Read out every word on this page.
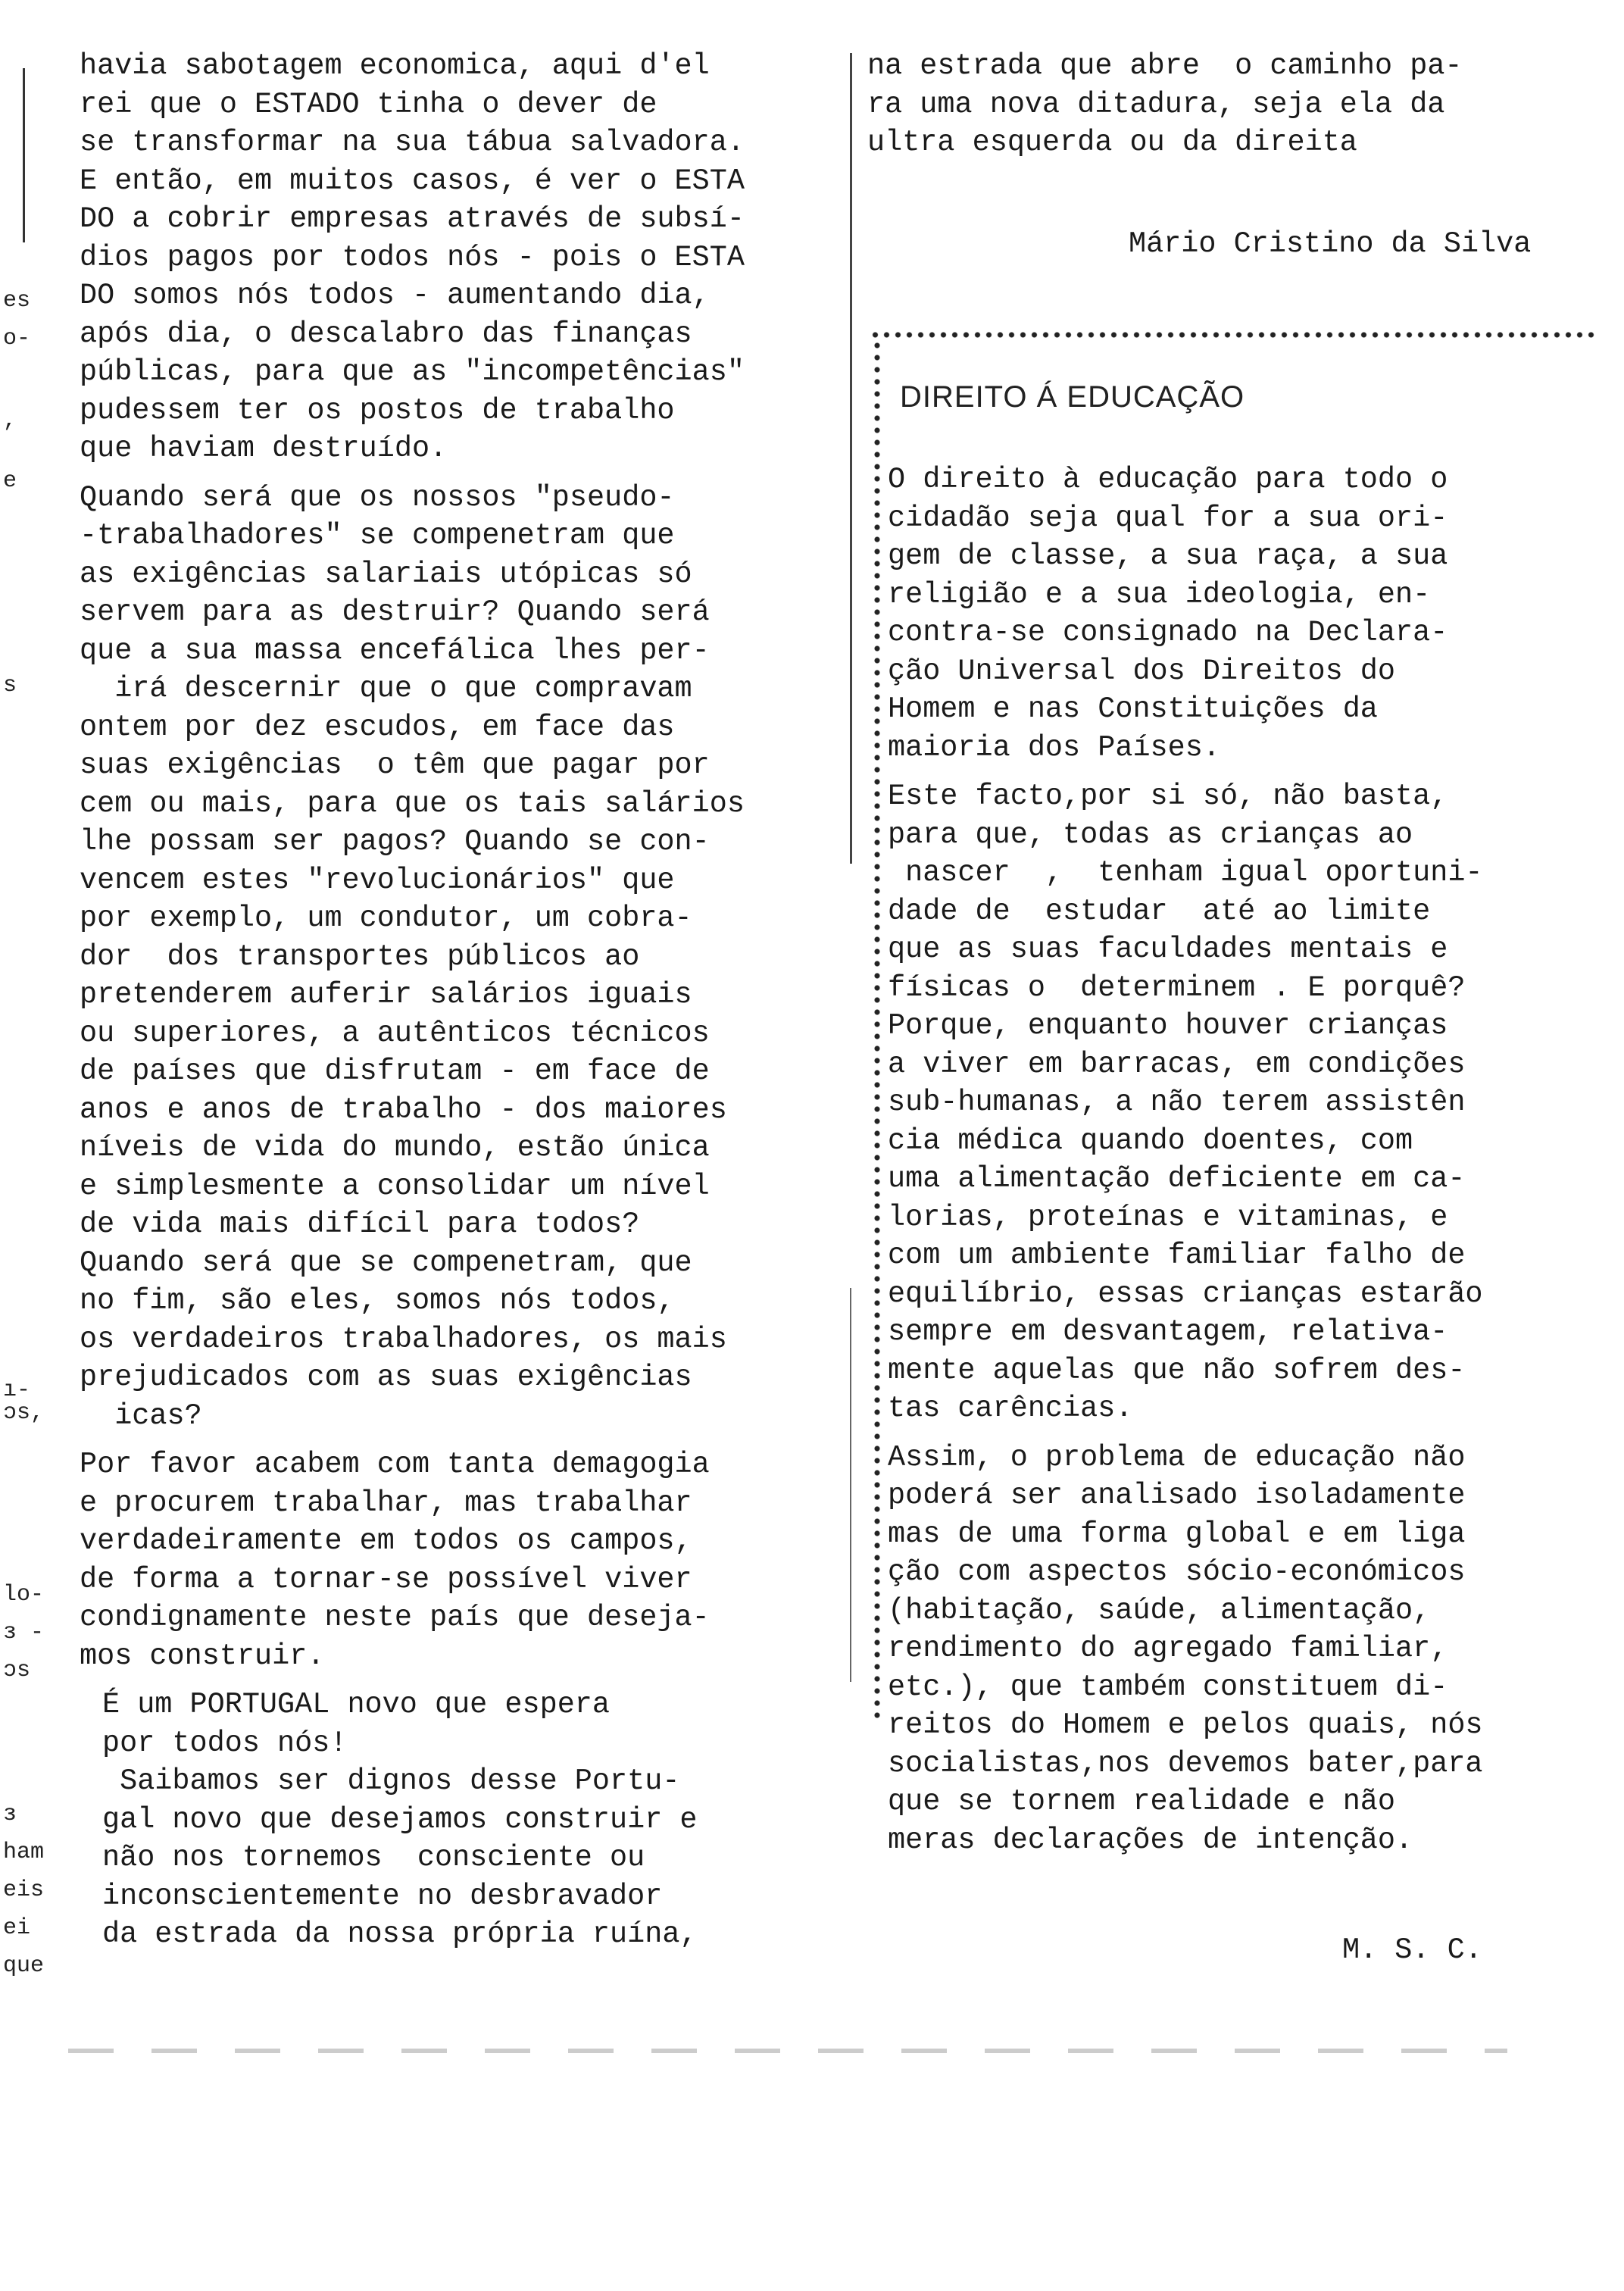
es
o-
,
e
s
ı-
ɔs,
lo-
з -
ɔs
з
ham
eis
ei
que

havia sabotagem economica, aqui d'el
rei que o ESTADO tinha o dever de
se transformar na sua tábua salvadora.
E então, em muitos casos, é ver o ESTA
DO a cobrir empresas através de subsí-
dios pagos por todos nós - pois o ESTA
DO somos nós todos - aumentando dia,
após dia, o descalabro das finanças
públicas, para que as "incompetências"
pudessem ter os postos de trabalho
que haviam destruído.

Quando será que os nossos "pseudo-
-trabalhadores" se compenetram que
as exigências salariais utópicas só
servem para as destruir? Quando será
que a sua massa encefálica lhes per-
irá descernir que o que compravam
ontem por dez escudos, em face das
suas exigências  o têm que pagar por
cem ou mais, para que os tais salários
lhe possam ser pagos? Quando se con-
vencem estes "revolucionários" que
por exemplo, um condutor, um cobra-
dor  dos transportes públicos ao
pretenderem auferir salários iguais
ou superiores, a autênticos técnicos
de países que disfrutam - em face de
anos e anos de trabalho - dos maiores
níveis de vida do mundo, estão única
e simplesmente a consolidar um nível
de vida mais difícil para todos?
Quando será que se compenetram, que
no fim, são eles, somos nós todos,
os verdadeiros trabalhadores, os mais
prejudicados com as suas exigências
icas?

Por favor acabem com tanta demagogia
e procurem trabalhar, mas trabalhar
verdadeiramente em todos os campos,
de forma a tornar-se possível viver
condignamente neste país que deseja-
mos construir.

É um PORTUGAL novo que espera
por todos nós!
Saibamos ser dignos desse Portu-
gal novo que desejamos construir e
não nos tornemos  consciente ou
inconscientemente no desbravador
da estrada da nossa própria ruína,

na estrada que abre  o caminho pa-
ra uma nova ditadura, seja ela da
ultra esquerda ou da direita

Mário Cristino da Silva
DIREITO Á EDUCAÇÃO

O direito à educação para todo o
cidadão seja qual for a sua ori-
gem de classe, a sua raça, a sua
religião e a sua ideologia, en-
contra-se consignado na Declara-
ção Universal dos Direitos do
Homem e nas Constituições da
maioria dos Países.

Este facto,por si só, não basta,
para que, todas as crianças ao
nascer  ,  tenham igual oportuni-
dade de  estudar  até ao limite
que as suas faculdades mentais e
físicas o  determinem . E porquê?
Porque, enquanto houver crianças
a viver em barracas, em condições
sub-humanas, a não terem assistên
cia médica quando doentes, com
uma alimentação deficiente em ca-
lorias, proteínas e vitaminas, e
com um ambiente familiar falho de
equilíbrio, essas crianças estarão
sempre em desvantagem, relativa-
mente aquelas que não sofrem des-
tas carências.

Assim, o problema de educação não
poderá ser analisado isoladamente
mas de uma forma global e em liga
ção com aspectos sócio-económicos
(habitação, saúde, alimentação,
rendimento do agregado familiar,
etc.), que também constituem di-
reitos do Homem e pelos quais, nós
socialistas,nos devemos bater,para
que se tornem realidade e não
meras declarações de intenção.

M. S. C.
